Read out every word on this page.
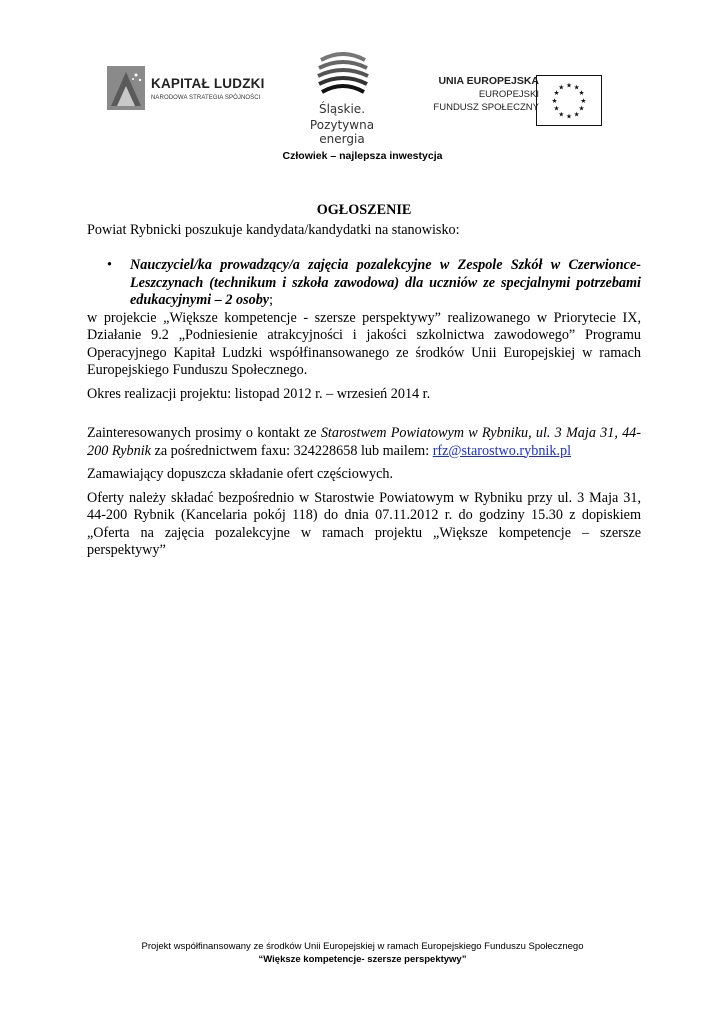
KAPITAŁ LUDZKI
NARODOWA STRATEGIA SPÓJNOŚCI
Śląskie.
Pozytywna energia
UNIA EUROPEJSKA
EUROPEJSKI
FUNDUSZ SPOŁECZNY
★ ★
★
★
★
★
★
★
★
★
★
★
Człowiek – najlepsza inwestycja

OGŁOSZENIE

Powiat Rybnicki poszukuje kandydata/kandydatki na stanowisko:

• Nauczyciel/ka prowadzący/a zajęcia pozalekcyjne w Zespole Szkół w Czerwionce-Leszczynach (technikum i szkoła zawodowa) dla uczniów ze specjalnymi potrzebami edukacyjnymi – 2 osoby;

w projekcie „Większe kompetencje - szersze perspektywy” realizowanego w Priorytecie IX, Działanie 9.2 „Podniesienie atrakcyjności i jakości szkolnictwa zawodowego” Programu Operacyjnego Kapitał Ludzki współfinansowanego ze środków Unii Europejskiej w ramach Europejskiego Funduszu Społecznego.

Okres realizacji projektu: listopad 2012 r. – wrzesień 2014 r.

Zainteresowanych prosimy o kontakt ze Starostwem Powiatowym w Rybniku, ul. 3 Maja 31, 44-200 Rybnik za pośrednictwem faxu: 324228658 lub mailem: rfz@starostwo.rybnik.pl

Zamawiający dopuszcza składanie ofert częściowych.

Oferty należy składać bezpośrednio w Starostwie Powiatowym w Rybniku przy ul. 3 Maja 31, 44-200 Rybnik (Kancelaria pokój 118) do dnia 07.11.2012 r. do godziny 15.30 z dopiskiem „Oferta na zajęcia pozalekcyjne w ramach projektu „Większe kompetencje – szersze perspektywy”

Projekt współfinansowany ze środków Unii Europejskiej w ramach Europejskiego Funduszu Społecznego
“Większe kompetencje- szersze perspektywy”
